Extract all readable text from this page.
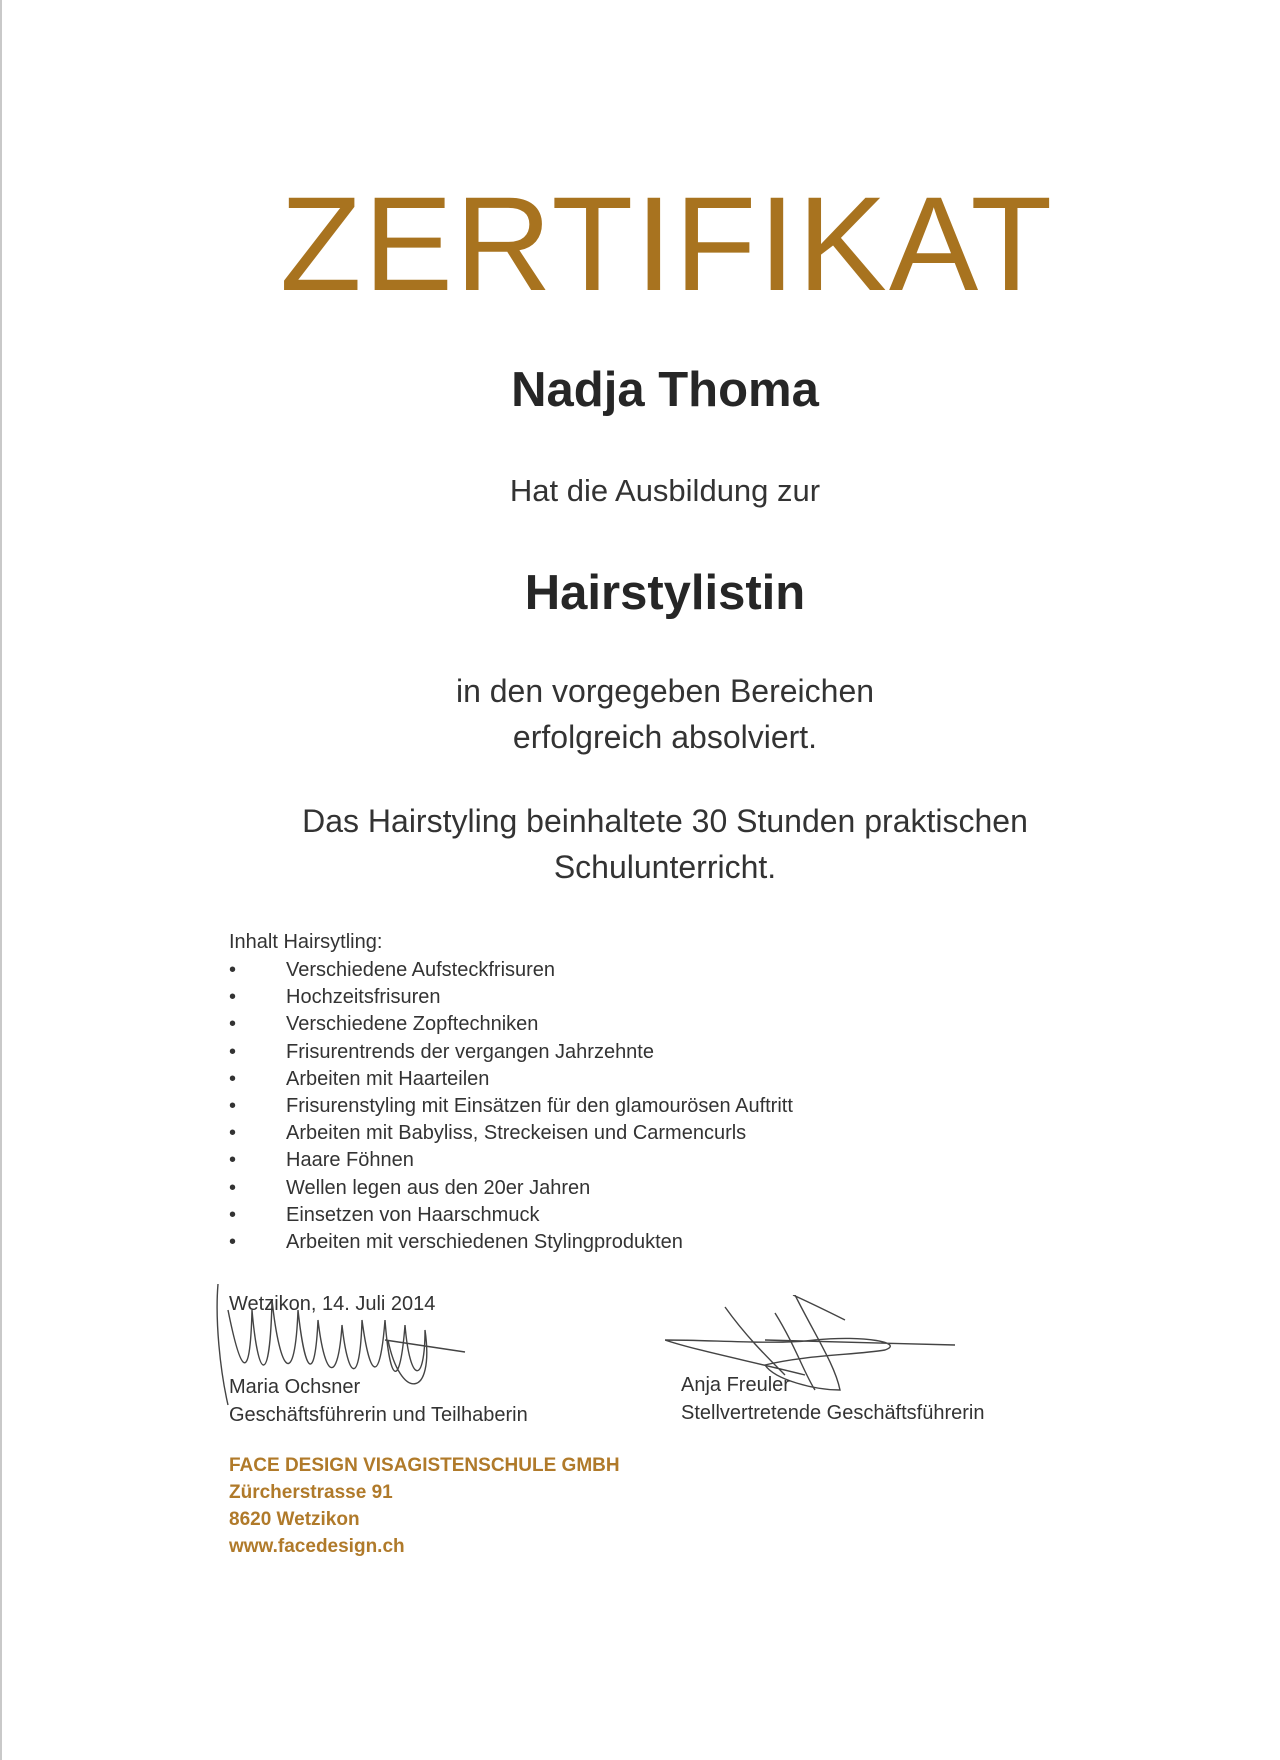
ZERTIFIKAT
Nadja Thoma
Hat die Ausbildung zur
Hairstylistin
in den vorgegeben Bereichen
erfolgreich absolviert.
Das Hairstyling beinhaltete 30 Stunden praktischen
Schulunterricht.
Inhalt Hairsytling:
• Verschiedene Aufsteckfrisuren
• Hochzeitsfrisuren
• Verschiedene Zopftechniken
• Frisurentrends der vergangen Jahrzehnte
• Arbeiten mit Haarteilen
• Frisurenstyling mit Einsätzen für den glamourösen Auftritt
• Arbeiten mit Babyliss, Streckeisen und Carmencurls
• Haare Föhnen
• Wellen legen aus den 20er Jahren
• Einsetzen von Haarschmuck
• Arbeiten mit verschiedenen Stylingprodukten
Wetzikon, 14. Juli 2014
Maria Ochsner
Geschäftsführerin und Teilhaberin
Anja Freuler
Stellvertretende Geschäftsführerin
FACE DESIGN VISAGISTENSCHULE GMBH
Zürcherstrasse 91
8620 Wetzikon
www.facedesign.ch
